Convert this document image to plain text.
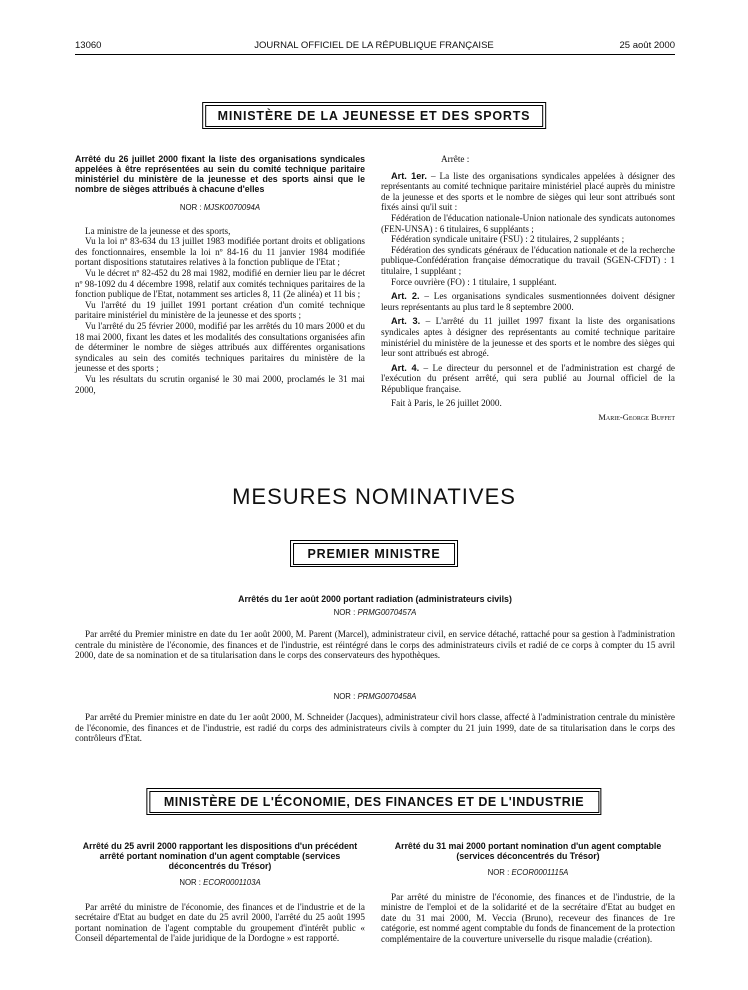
13060	JOURNAL OFFICIEL DE LA RÉPUBLIQUE FRANÇAISE	25 août 2000
MINISTÈRE DE LA JEUNESSE ET DES SPORTS
Arrêté du 26 juillet 2000 fixant la liste des organisations syndicales appelées à être représentées au sein du comité technique paritaire ministériel du ministère de la jeunesse et des sports ainsi que le nombre de sièges attribués à chacune d'elles
NOR : MJSK0070094A

La ministre de la jeunesse et des sports,

Vu la loi nº 83-634 du 13 juillet 1983 modifiée portant droits et obligations des fonctionnaires, ensemble la loi nº 84-16 du 11 janvier 1984 modifiée portant dispositions statutaires relatives à la fonction publique de l'Etat ;

Vu le décret nº 82-452 du 28 mai 1982, modifié en dernier lieu par le décret nº 98-1092 du 4 décembre 1998, relatif aux comités techniques paritaires de la fonction publique de l'Etat, notamment ses articles 8, 11 (2e alinéa) et 11 bis ;

Vu l'arrêté du 19 juillet 1991 portant création d'un comité technique paritaire ministériel du ministère de la jeunesse et des sports ;

Vu l'arrêté du 25 février 2000, modifié par les arrêtés du 10 mars 2000 et du 18 mai 2000, fixant les dates et les modalités des consultations organisées afin de déterminer le nombre de sièges attribués aux différentes organisations syndicales au sein des comités techniques paritaires du ministère de la jeunesse et des sports ;

Vu les résultats du scrutin organisé le 30 mai 2000, proclamés le 31 mai 2000,

Arrête :

Art. 1er. – La liste des organisations syndicales appelées à désigner des représentants au comité technique paritaire ministériel placé auprès du ministre de la jeunesse et des sports et le nombre de sièges qui leur sont attribués sont fixés ainsi qu'il suit :

Fédération de l'éducation nationale-Union nationale des syndicats autonomes (FEN-UNSA) : 6 titulaires, 6 suppléants ;

Fédération syndicale unitaire (FSU) : 2 titulaires, 2 suppléants ;

Fédération des syndicats généraux de l'éducation nationale et de la recherche publique-Confédération française démocratique du travail (SGEN-CFDT) : 1 titulaire, 1 suppléant ;

Force ouvrière (FO) : 1 titulaire, 1 suppléant.

Art. 2. – Les organisations syndicales susmentionnées doivent désigner leurs représentants au plus tard le 8 septembre 2000.

Art. 3. – L'arrêté du 11 juillet 1997 fixant la liste des organisations syndicales aptes à désigner des représentants au comité technique paritaire ministériel du ministère de la jeunesse et des sports et le nombre des sièges qui leur sont attribués est abrogé.

Art. 4. – Le directeur du personnel et de l'administration est chargé de l'exécution du présent arrêté, qui sera publié au Journal officiel de la République française.

Fait à Paris, le 26 juillet 2000.

Marie-George Buffet
MESURES NOMINATIVES
PREMIER MINISTRE
Arrêtés du 1er août 2000 portant radiation (administrateurs civils)
NOR : PRMG0070457A

Par arrêté du Premier ministre en date du 1er août 2000, M. Parent (Marcel), administrateur civil, en service détaché, rattaché pour sa gestion à l'administration centrale du ministère de l'économie, des finances et de l'industrie, est réintégré dans le corps des administrateurs civils et radié de ce corps à compter du 15 avril 2000, date de sa nomination et de sa titularisation dans le corps des conservateurs des hypothèques.

NOR : PRMG0070458A

Par arrêté du Premier ministre en date du 1er août 2000, M. Schneider (Jacques), administrateur civil hors classe, affecté à l'administration centrale du ministère de l'économie, des finances et de l'industrie, est radié du corps des administrateurs civils à compter du 21 juin 1999, date de sa titularisation dans le corps des contrôleurs d'Etat.

MINISTÈRE DE L'ÉCONOMIE, DES FINANCES ET DE L'INDUSTRIE
Arrêté du 25 avril 2000 rapportant les dispositions d'un précédent arrêté portant nomination d'un agent comptable (services déconcentrés du Trésor)
NOR : ECOR0001103A

Par arrêté du ministre de l'économie, des finances et de l'industrie et de la secrétaire d'Etat au budget en date du 25 avril 2000, l'arrêté du 25 août 1995 portant nomination de l'agent comptable du groupement d'intérêt public « Conseil départemental de l'aide juridique de la Dordogne » est rapporté.

Arrêté du 31 mai 2000 portant nomination d'un agent comptable (services déconcentrés du Trésor)
NOR : ECOR0001115A

Par arrêté du ministre de l'économie, des finances et de l'industrie, de la ministre de l'emploi et de la solidarité et de la secrétaire d'Etat au budget en date du 31 mai 2000, M. Veccia (Bruno), receveur des finances de 1re catégorie, est nommé agent comptable du fonds de financement de la protection complémentaire de la couverture universelle du risque maladie (création).
